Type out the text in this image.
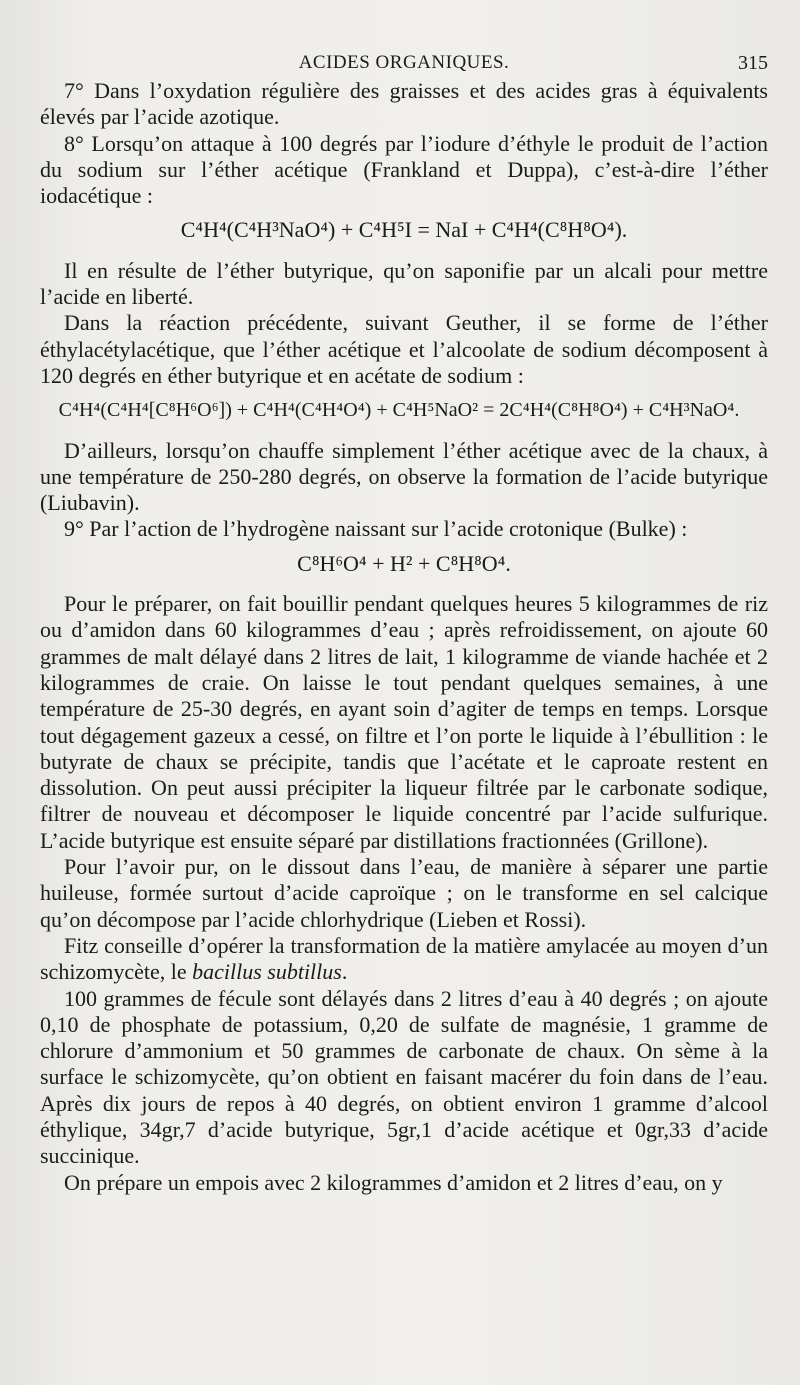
ACIDES ORGANIQUES.	315

7° Dans l’oxydation régulière des graisses et des acides gras à équivalents élevés par l’acide azotique.

8° Lorsqu’on attaque à 100 degrés par l’iodure d’éthyle le produit de l’action du sodium sur l’éther acétique (Frankland et Duppa), c’est-à-dire l’éther iodacétique :

C⁴H⁴(C⁴H³NaO⁴) + C⁴H⁵I = NaI + C⁴H⁴(C⁸H⁸O⁴).

Il en résulte de l’éther butyrique, qu’on saponifie par un alcali pour mettre l’acide en liberté.

Dans la réaction précédente, suivant Geuther, il se forme de l’éther éthylacétylacétique, que l’éther acétique et l’alcoolate de sodium décomposent à 120 degrés en éther butyrique et en acétate de sodium :

C⁴H⁴(C⁴H⁴[C⁸H⁶O⁶]) + C⁴H⁴(C⁴H⁴O⁴) + C⁴H⁵NaO² = 2C⁴H⁴(C⁸H⁸O⁴) + C⁴H³NaO⁴.

D’ailleurs, lorsqu’on chauffe simplement l’éther acétique avec de la chaux, à une température de 250-280 degrés, on observe la formation de l’acide butyrique (Liubavin).

9° Par l’action de l’hydrogène naissant sur l’acide crotonique (Bulke) :

C⁸H⁶O⁴ + H² + C⁸H⁸O⁴.

Pour le préparer, on fait bouillir pendant quelques heures 5 kilogrammes de riz ou d’amidon dans 60 kilogrammes d’eau ; après refroidissement, on ajoute 60 grammes de malt délayé dans 2 litres de lait, 1 kilogramme de viande hachée et 2 kilogrammes de craie. On laisse le tout pendant quelques semaines, à une température de 25-30 degrés, en ayant soin d’agiter de temps en temps. Lorsque tout dégagement gazeux a cessé, on filtre et l’on porte le liquide à l’ébullition : le butyrate de chaux se précipite, tandis que l’acétate et le caproate restent en dissolution. On peut aussi précipiter la liqueur filtrée par le carbonate sodique, filtrer de nouveau et décomposer le liquide concentré par l’acide sulfurique. L’acide butyrique est ensuite séparé par distillations fractionnées (Grillone).

Pour l’avoir pur, on le dissout dans l’eau, de manière à séparer une partie huileuse, formée surtout d’acide caproïque ; on le transforme en sel calcique qu’on décompose par l’acide chlorhydrique (Lieben et Rossi).

Fitz conseille d’opérer la transformation de la matière amylacée au moyen d’un schizomycète, le bacillus subtillus.

100 grammes de fécule sont délayés dans 2 litres d’eau à 40 degrés ; on ajoute 0,10 de phosphate de potassium, 0,20 de sulfate de magnésie, 1 gramme de chlorure d’ammonium et 50 grammes de carbonate de chaux. On sème à la surface le schizomycète, qu’on obtient en faisant macérer du foin dans de l’eau. Après dix jours de repos à 40 degrés, on obtient environ 1 gramme d’alcool éthylique, 34gr,7 d’acide butyrique, 5gr,1 d’acide acétique et 0gr,33 d’acide succinique.

On prépare un empois avec 2 kilogrammes d’amidon et 2 litres d’eau, on y
